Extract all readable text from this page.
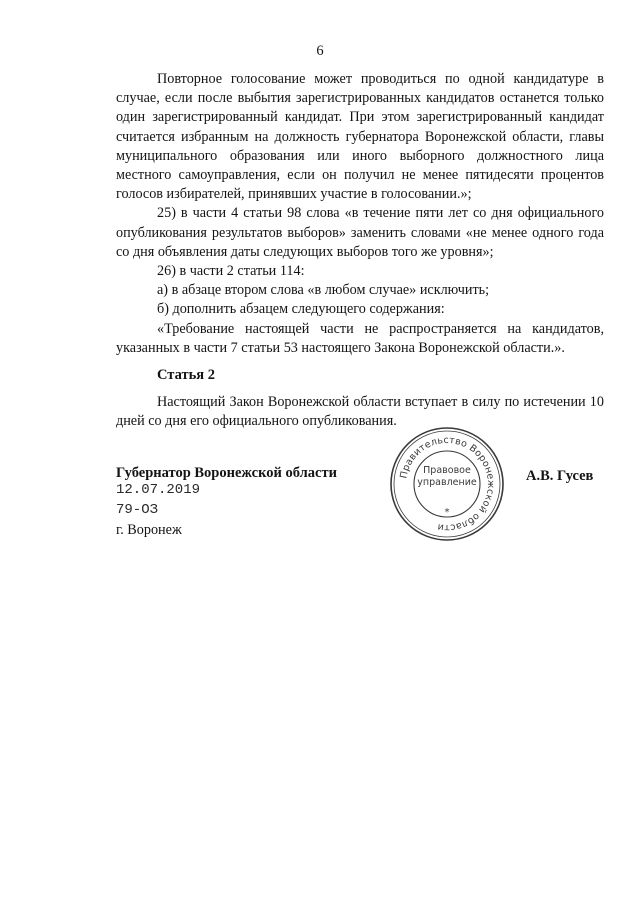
6

Повторное голосование может проводиться по одной кандидатуре в случае, если после выбытия зарегистрированных кандидатов останется только один зарегистрированный кандидат. При этом зарегистрированный кандидат считается избранным на должность губернатора Воронежской области, главы муниципального образования или иного выборного должностного лица местного самоуправления, если он получил не менее пятидесяти процентов голосов избирателей, принявших участие в голосовании.»;

25) в части 4 статьи 98 слова «в течение пяти лет со дня официального опубликования результатов выборов» заменить словами «не менее одного года со дня объявления даты следующих выборов того же уровня»;

26) в части 2 статьи 114:

а) в абзаце втором слова «в любом случае» исключить;

б) дополнить абзацем следующего содержания:

«Требование настоящей части не распространяется на кандидатов, указанных в части 7 статьи 53 настоящего Закона Воронежской области.».

Статья 2

Настоящий Закон Воронежской области вступает в силу по истечении 10 дней со дня его официального опубликования.

Губернатор Воронежской области	А.В. Гусев
12.07.2019
79-ОЗ
г. Воронеж
Правительство Воронежской области
Правовое
управление
*
